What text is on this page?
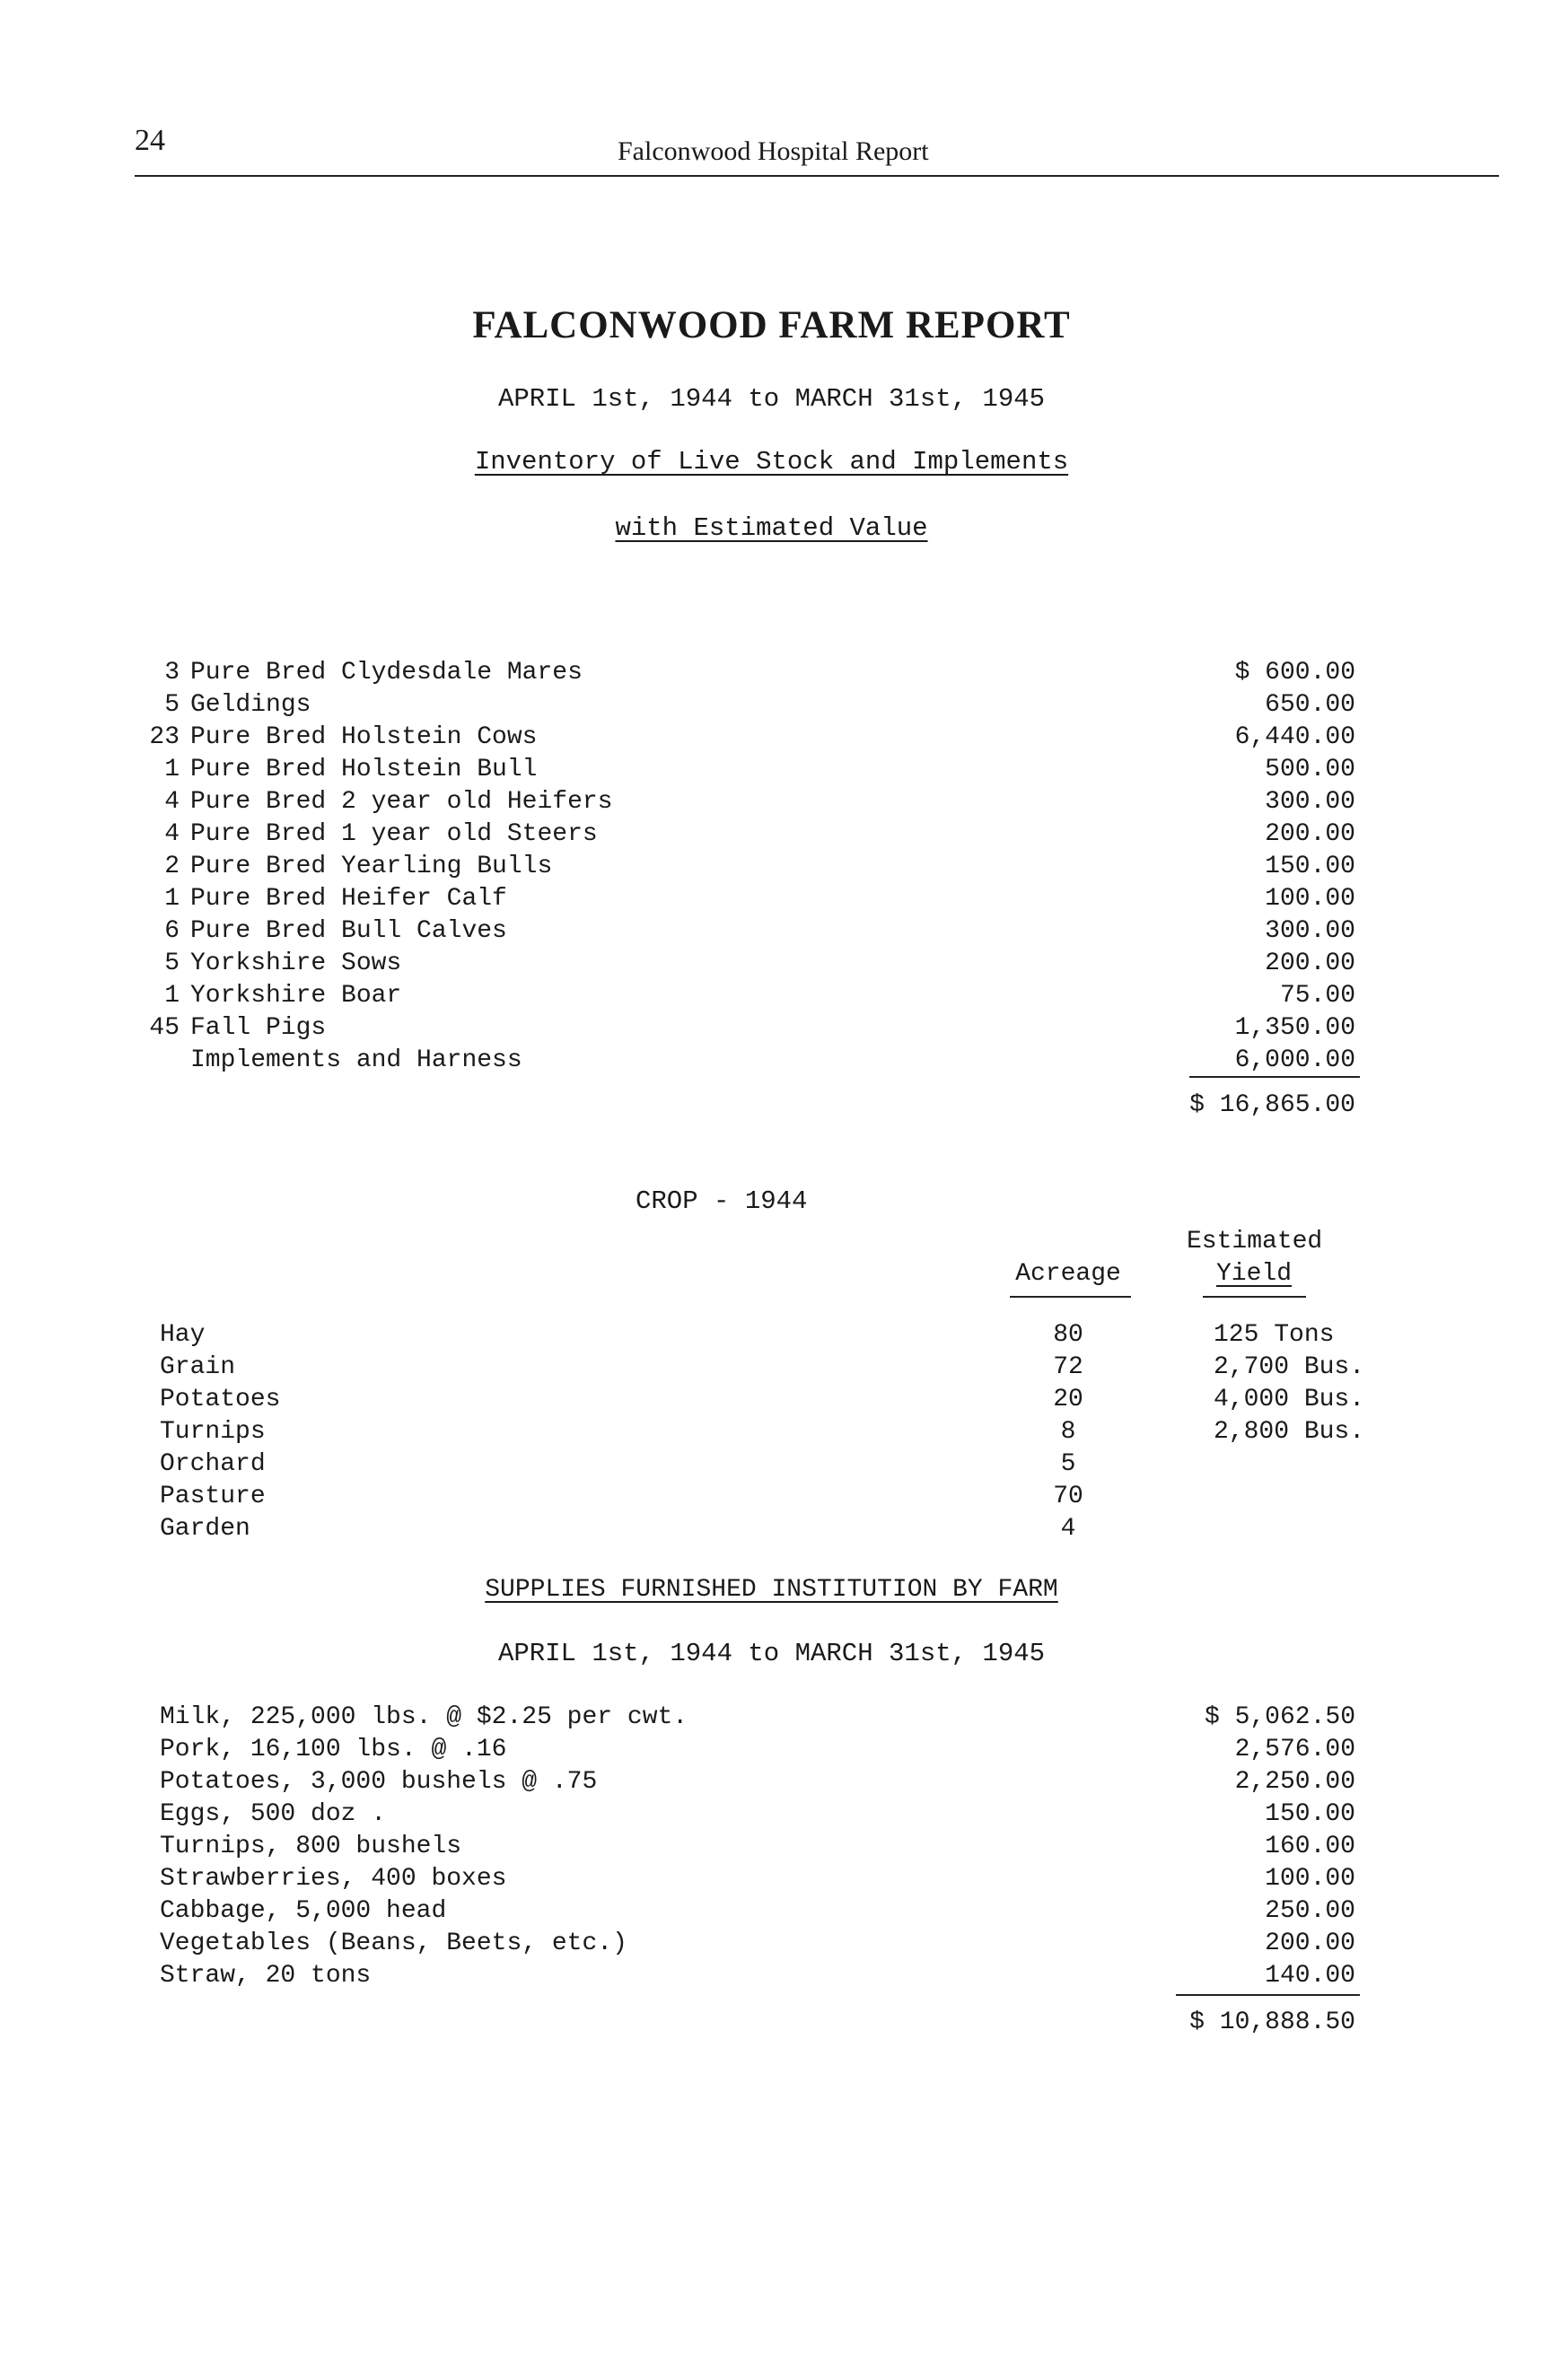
24	Falconwood Hospital Report
FALCONWOOD FARM REPORT
APRIL 1st, 1944 to MARCH 31st, 1945
Inventory of Live Stock and Implements
with Estimated Value
3 Pure Bred Clydesdale Mares	$ 600.00
5 Geldings	650.00
23 Pure Bred Holstein Cows	6,440.00
1 Pure Bred Holstein Bull	500.00
4 Pure Bred 2 year old Heifers	300.00
4 Pure Bred 1 year old Steers	200.00
2 Pure Bred Yearling Bulls	150.00
1 Pure Bred Heifer Calf	100.00
6 Pure Bred Bull Calves	300.00
5 Yorkshire Sows	200.00
1 Yorkshire Boar	75.00
45 Fall Pigs	1,350.00
Implements and Harness	6,000.00
$ 16,865.00
CROP - 1944
Estimated
Acreage	Yield
Hay	80	125 Tons
Grain	72	2,700 Bus.
Potatoes	20	4,000 Bus.
Turnips	8	2,800 Bus.
Orchard	5
Pasture	70
Garden	4
SUPPLIES FURNISHED INSTITUTION BY FARM
APRIL 1st, 1944 to MARCH 31st, 1945
Milk, 225,000 lbs. @ $2.25 per cwt.	$ 5,062.50
Pork, 16,100 lbs. @ .16	2,576.00
Potatoes, 3,000 bushels @ .75	2,250.00
Eggs, 500 doz .	150.00
Turnips, 800 bushels	160.00
Strawberries, 400 boxes	100.00
Cabbage, 5,000 head	250.00
Vegetables (Beans, Beets, etc.)	200.00
Straw, 20 tons	140.00
$ 10,888.50
